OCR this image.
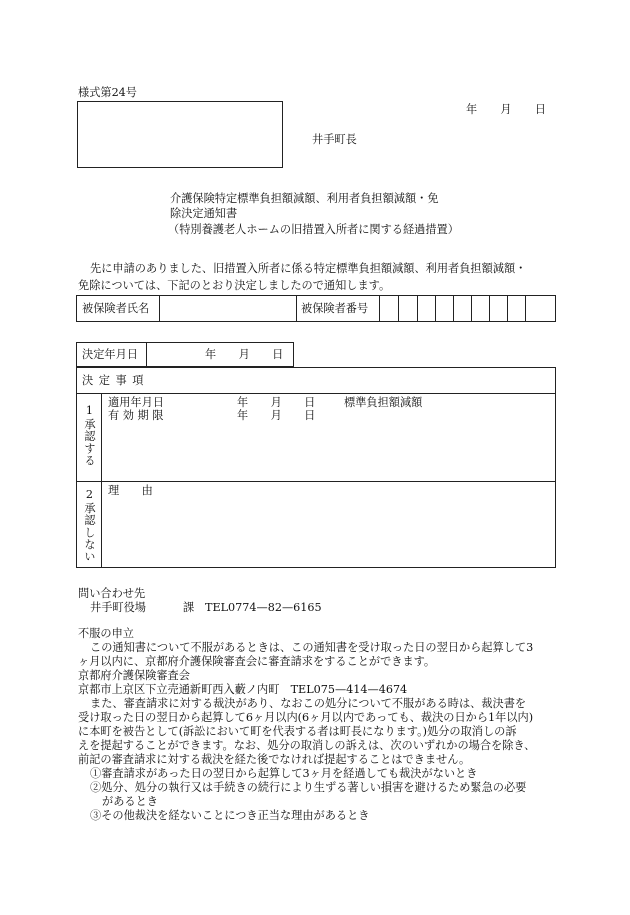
様式第24号
年　月　日
井手町長
介護保険特定標準負担額減額、利用者負担額減額・免
除決定通知書
（特別養護老人ホームの旧措置入所者に関する経過措置）
先に申請のありました、旧措置入所者に係る特定標準負担額減額、利用者負担額減額・
免除については、下記のとおり決定しましたので通知します。
被保険者氏名	被保険者番号
決定年月日	年　　月　　日
決 定 事 項
1承認する
適用年月日	年　　月　　日	標準負担額減額
有 効 期 限	年　　月　　日
2承認しない 理　　由
問い合わせ先
井手町役場	課 TEL0774—82—6165
不服の申立
この通知書について不服があるときは、この通知書を受け取った日の翌日から起算して3
ヶ月以内に、京都府介護保険審査会に審査請求をすることができます。
京都府介護保険審査会
京都市上京区下立売通新町西入藪ノ内町　TEL075—414—4674
また、審査請求に対する裁決があり、なおこの処分について不服がある時は、裁決書を
受け取った日の翌日から起算して6ヶ月以内(6ヶ月以内であっても、裁決の日から1年以内)
に本町を被告として(訴訟において町を代表する者は町長になります。)処分の取消しの訴
えを提起することができます。なお、処分の取消しの訴えは、次のいずれかの場合を除き、
前記の審査請求に対する裁決を経た後でなければ提起することはできません。
①審査請求があった日の翌日から起算して3ヶ月を経過しても裁決がないとき
②処分、処分の執行又は手続きの続行により生ずる著しい損害を避けるため緊急の必要
があるとき
③その他裁決を経ないことにつき正当な理由があるとき
